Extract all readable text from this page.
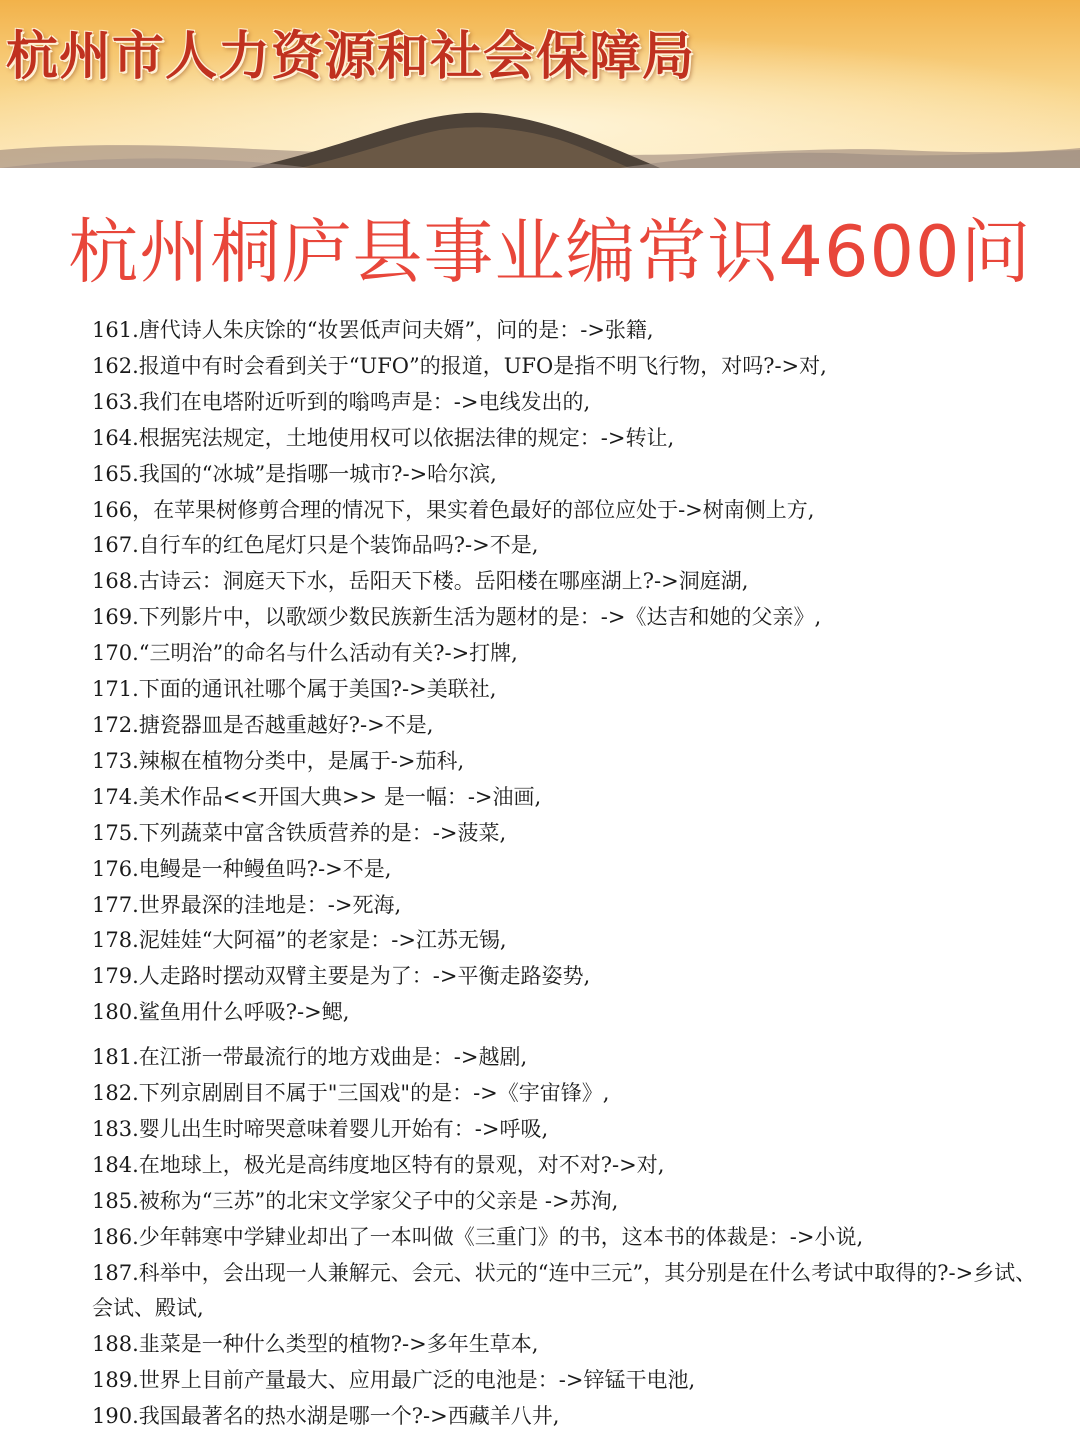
杭州市人力资源和社会保障局
杭州桐庐县事业编常识4600问
161.唐代诗人朱庆馀的“妆罢低声问夫婿”，问的是：->张籍,
162.报道中有时会看到关于“UFO”的报道，UFO是指不明飞行物，对吗?->对,
163.我们在电塔附近听到的嗡鸣声是：->电线发出的,
164.根据宪法规定，土地使用权可以依据法律的规定：->转让,
165.我国的“冰城”是指哪一城市?->哈尔滨,
166，在苹果树修剪合理的情况下，果实着色最好的部位应处于->树南侧上方,
167.自行车的红色尾灯只是个装饰品吗?->不是,
168.古诗云：洞庭天下水，岳阳天下楼。岳阳楼在哪座湖上?->洞庭湖,
169.下列影片中，以歌颂少数民族新生活为题材的是：->《达吉和她的父亲》,
170.“三明治”的命名与什么活动有关?->打牌,
171.下面的通讯社哪个属于美国?->美联社,
172.搪瓷器皿是否越重越好?->不是,
173.辣椒在植物分类中，是属于->茄科,
174.美术作品<<开国大典>> 是一幅：->油画,
175.下列蔬菜中富含铁质营养的是：->菠菜,
176.电鳗是一种鳗鱼吗?->不是,
177.世界最深的洼地是：->死海,
178.泥娃娃“大阿福”的老家是：->江苏无锡,
179.人走路时摆动双臂主要是为了：->平衡走路姿势,
180.鲨鱼用什么呼吸?->鳃,
181.在江浙一带最流行的地方戏曲是：->越剧,
182.下列京剧剧目不属于"三国戏"的是：->《宇宙锋》,
183.婴儿出生时啼哭意味着婴儿开始有：->呼吸,
184.在地球上，极光是高纬度地区特有的景观，对不对?->对,
185.被称为“三苏”的北宋文学家父子中的父亲是 ->苏洵,
186.少年韩寒中学肄业却出了一本叫做《三重门》的书，这本书的体裁是：->小说,
187.科举中，会出现一人兼解元、会元、状元的“连中三元”，其分别是在什么考试中取得的?->乡试、会试、殿试,
188.韭菜是一种什么类型的植物?->多年生草本,
189.世界上目前产量最大、应用最广泛的电池是：->锌锰干电池,
190.我国最著名的热水湖是哪一个?->西藏羊八井,
